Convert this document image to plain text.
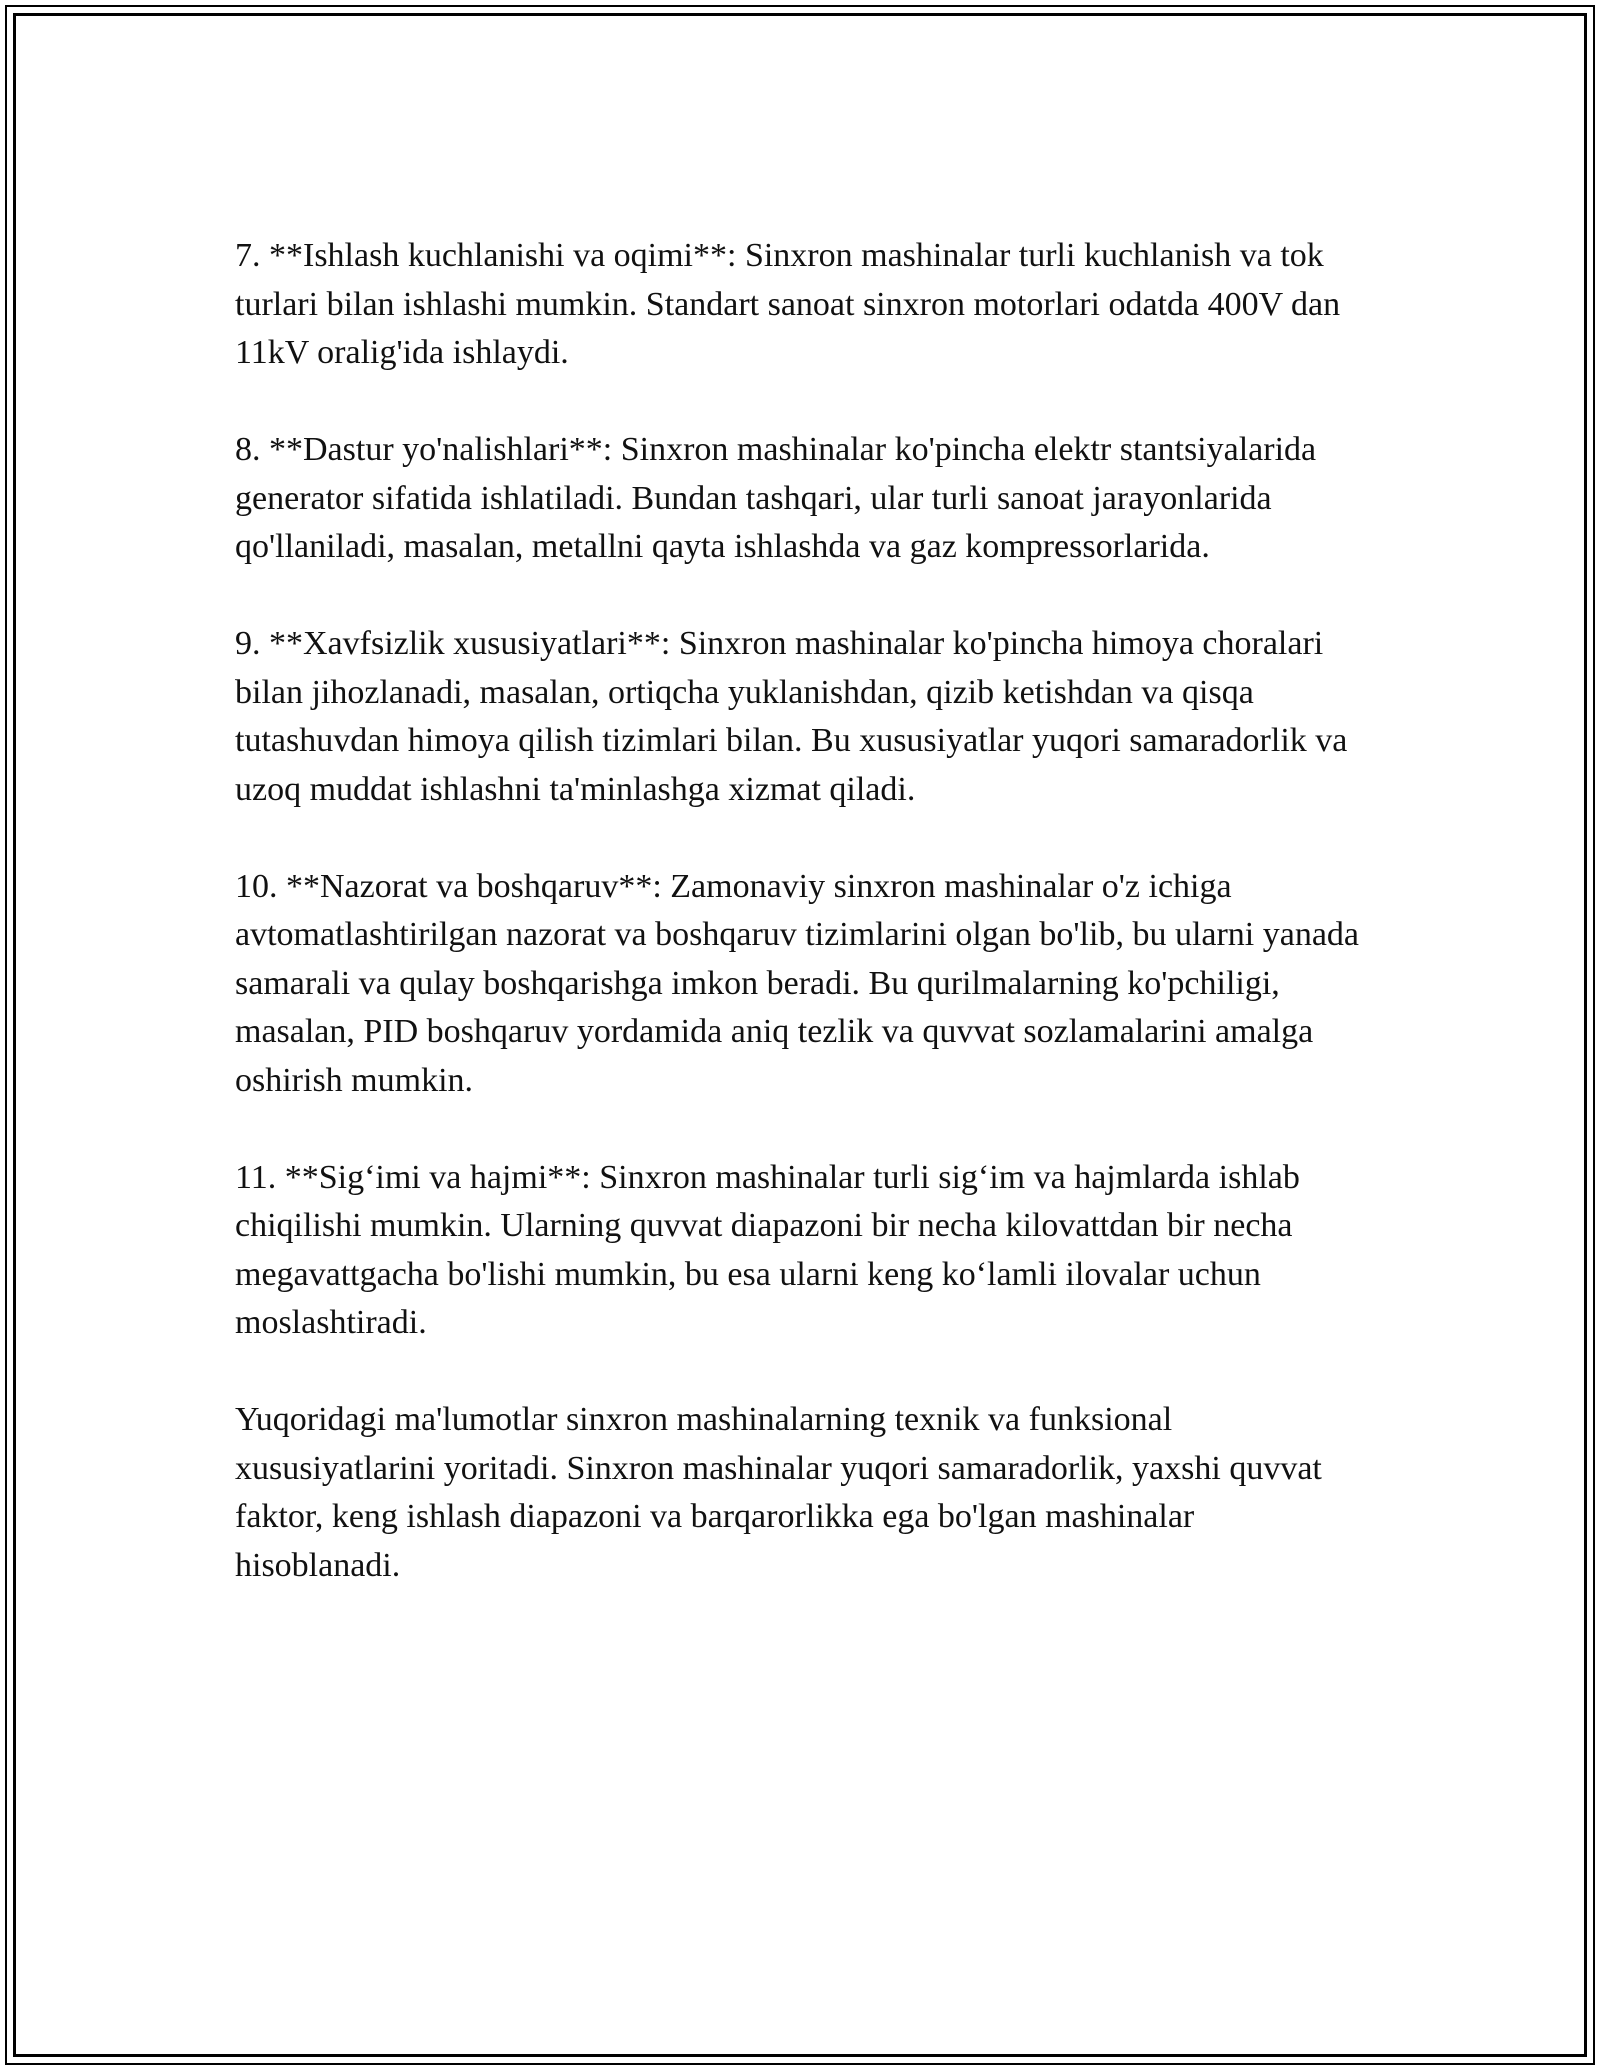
7. **Ishlash kuchlanishi va oqimi**: Sinxron mashinalar turli kuchlanish va tok turlari bilan ishlashi mumkin. Standart sanoat sinxron motorlari odatda 400V dan 11kV oralig'ida ishlaydi.

8. **Dastur yo'nalishlari**: Sinxron mashinalar ko'pincha elektr stantsiyalarida generator sifatida ishlatiladi. Bundan tashqari, ular turli sanoat jarayonlarida qo'llaniladi, masalan, metallni qayta ishlashda va gaz kompressorlarida.

9. **Xavfsizlik xususiyatlari**: Sinxron mashinalar ko'pincha himoya choralari bilan jihozlanadi, masalan, ortiqcha yuklanishdan, qizib ketishdan va qisqa tutashuvdan himoya qilish tizimlari bilan. Bu xususiyatlar yuqori samaradorlik va uzoq muddat ishlashni ta'minlashga xizmat qiladi.

10. **Nazorat va boshqaruv**: Zamonaviy sinxron mashinalar o'z ichiga avtomatlashtirilgan nazorat va boshqaruv tizimlarini olgan bo'lib, bu ularni yanada samarali va qulay boshqarishga imkon beradi. Bu qurilmalarning ko'pchiligi, masalan, PID boshqaruv yordamida aniq tezlik va quvvat sozlamalarini amalga oshirish mumkin.

11. **Sig‘imi va hajmi**: Sinxron mashinalar turli sig‘im va hajmlarda ishlab chiqilishi mumkin. Ularning quvvat diapazoni bir necha kilovattdan bir necha megavattgacha bo'lishi mumkin, bu esa ularni keng ko‘lamli ilovalar uchun moslashtiradi.

Yuqoridagi ma'lumotlar sinxron mashinalarning texnik va funksional xususiyatlarini yoritadi. Sinxron mashinalar yuqori samaradorlik, yaxshi quvvat faktor, keng ishlash diapazoni va barqarorlikka ega bo'lgan mashinalar hisoblanadi.
